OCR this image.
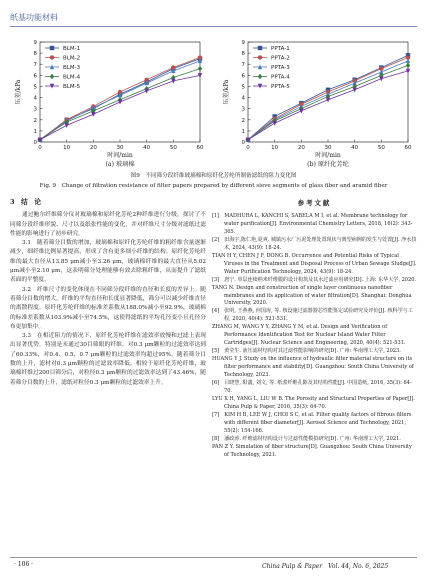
纸基功能材料
0
1
2
3
4
5
6
7
8
9
0	10	20	30	40	50	60
时间/min
压差/kPa
(a) 玻璃棉
BLM-1
BLM-2
BLM-3
BLM-4
BLM-5
0
1
2
3
4
5
6
7
8
9
0	10	20	30	40	50	60
时间/min
压差/kPa
(b) 原纤化芳纶
PPTA-1
PPTA-2
PPTA-3
PPTA-4
PPTA-5
图9　不同筛分段纤维玻璃棉和原纤化芳纶所制备滤纸的阻力变化图
Fig. 9　Change of filtration resistance of filter papers prepared by different sieve segments of glass fiber and aramid fiber
3　结　论
通过鲍尔纤维筛分仪对玻璃棉和原纤化芳纶2种纤维进行分级，探讨了不同筛分段纤维形貌、尺寸以及纸张性能的变化，并对纤维尺寸分级对滤纸过滤性能的影响进行了初步研究。
3.1　随着筛分目数的增加，玻璃棉和原纤化芳纶纤维的粗纤维含量逐渐减少，细纤维比例显著提高，形成了含有更多细小纤维的结构。原纤化芳纶纤维的最大直径从13.85 μm减小至3.26 μm，玻璃棉纤维的最大直径从5.02 μm减小至2.10 μm，这表明筛分处理能够有效去除粗纤维，从而提升了滤纸表面的平整度。
3.2　纤维尺寸的变化体现在不同筛分段纤维的直径和长度的差异上。随着筛分目数的增大，纤维的平均直径和长度显著降低，筛分可以减少纤维直径的离散程度。原纤化芳纶纤维的标准差系数从188.0%减小至92.9%，玻璃棉的标准差系数从103.9%减小至74.5%，这使得滤纸的平均孔径变小且孔径分布更加集中。
3.3　在相近阻力的情况下，原纤化芳纶纤维在滤效率放慢和过滤上表现出显著优势。特别是未通过30目筛眼的纤维，对0.3 μm颗粒的过滤效率达到了60.33%，对0.4、0.5、0.7 μm颗粒的过滤效率均超过95%。随着筛分目数的上升，滤材对0.3 μm颗粒的过滤效率降低。相较于原纤化芳纶纤维，玻璃棉纤维过200目筛分后，对粒径0.3 μm颗粒的过滤效率达到了43.46%，随着筛分目数的上升，滤纸对粒径0.3 μm颗粒的过滤效率上升。
参考文献

[1]　MADHURA L, KANCHI S, SABELA M I, et al. Membrane technology for water purification[J]. Environmental Chemistry Letters, 2018, 16(2): 343-365.

[2]　田海宇,陈仁艳,夏爽. 城镇污水厂污泥处理处置现状与典型病例的发生与处置[J]. 净水技术, 2024, 43(9): 18-24.

TIAN H Y, CHEN J F, DONG B. Occurrence and Potential Risks of Typical Viruses in the Treatment and Disposal Process of Urban Sewage Sludge[J]. Water Purification Technology, 2024, 43(9): 18-24.

[3]　唐宁. 单层连续纳米纤维膜的设计构筑及其水过滤应用研究[D]. 上海: 东华大学, 2020.

TANG N. Design and construction of single layer continuous nanofiber membranes and its application of water filtration[D]. Shanghai: Donghua University, 2020.

[4]　张明, 王燕燕, 何国涛, 等. 核设施过滤器器芯性能鉴定试验研究及评价[J]. 核科学与工程, 2020, 40(4): 521-531.

ZHANG M, WANG Y Y, ZHANG Y M, et al. Design and Verification of Performance Identification Test for Nuclear Island Water Filter Cartridges[J]. Nuclear Science and Engineering, 2020, 40(4): 521-531.

[5]　黄莹生. 液压滤材结构对其过滤性能影响的研究[D]. 广州: 华南理工大学, 2023.

HUANG Y J. Study on the influence of hydraulic filter material structure on its filter performance and stability[D]. Guangzhou: South China University of Technology, 2023.

[6]　吕晓慧, 阳鑫, 刘文, 等. 纸浆纤维孔隙及其结构性能[J]. 中国造纸, 2016, 35(3): 64-70.

LYU X H, YANG L, LIU W B. The Porosity and Structural Properties of Paper[J]. China Pulp & Paper, 2016, 35(3): 64-70.

[7]　KIM H B, LEE W J, CHOI S C, et al. Filter quality factors of fibrous filters with different fiber diameter[J]. Aerosol Science and Technology, 2021, 55(2): 154-166.

[8]　潘政涛. 纤维滤材结构设计与过滤性能模拟研究[D]. 广州: 华南理工大学, 2021.

PAN Z Y. Simulation of fiber structure[D]. Guangzhou: South China University of Technology, 2021.

· 106 ·	China Pulp & Paper　Vol. 44, No. 6, 2025
